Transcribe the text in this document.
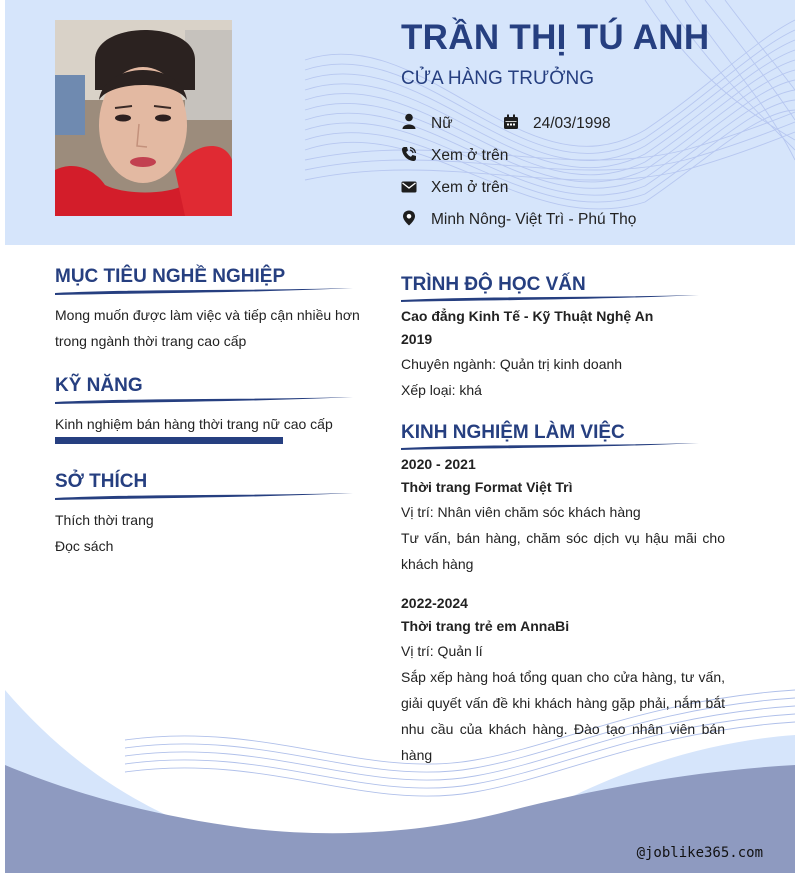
TRẦN THỊ TÚ ANH
CỬA HÀNG TRƯỞNG
Nữ	24/03/1998
Xem ở trên
Xem ở trên
Minh Nông- Việt Trì - Phú Thọ
MỤC TIÊU NGHỀ NGHIỆP
Mong muốn được làm việc và tiếp cận nhiều hơn trong ngành thời trang cao cấp
KỸ NĂNG
Kinh nghiệm bán hàng thời trang nữ cao cấp
SỞ THÍCH
Thích thời trang
Đọc sách
TRÌNH ĐỘ HỌC VẤN
Cao đẳng Kinh Tế - Kỹ Thuật Nghệ An
2019
Chuyên ngành: Quản trị kinh doanh
Xếp loại: khá
KINH NGHIỆM LÀM VIỆC
2020 - 2021
Thời trang Format Việt Trì
Vị trí: Nhân viên chăm sóc khách hàng
Tư vấn, bán hàng, chăm sóc dịch vụ hậu mãi cho khách hàng
2022-2024
Thời trang trẻ em AnnaBi
Vị trí: Quản lí
Sắp xếp hàng hoá tổng quan cho cửa hàng, tư vấn, giải quyết vấn đề khi khách hàng gặp phải, nắm bắt nhu cầu của khách hàng. Đào tạo nhân viên bán hàng
@joblike365.com
